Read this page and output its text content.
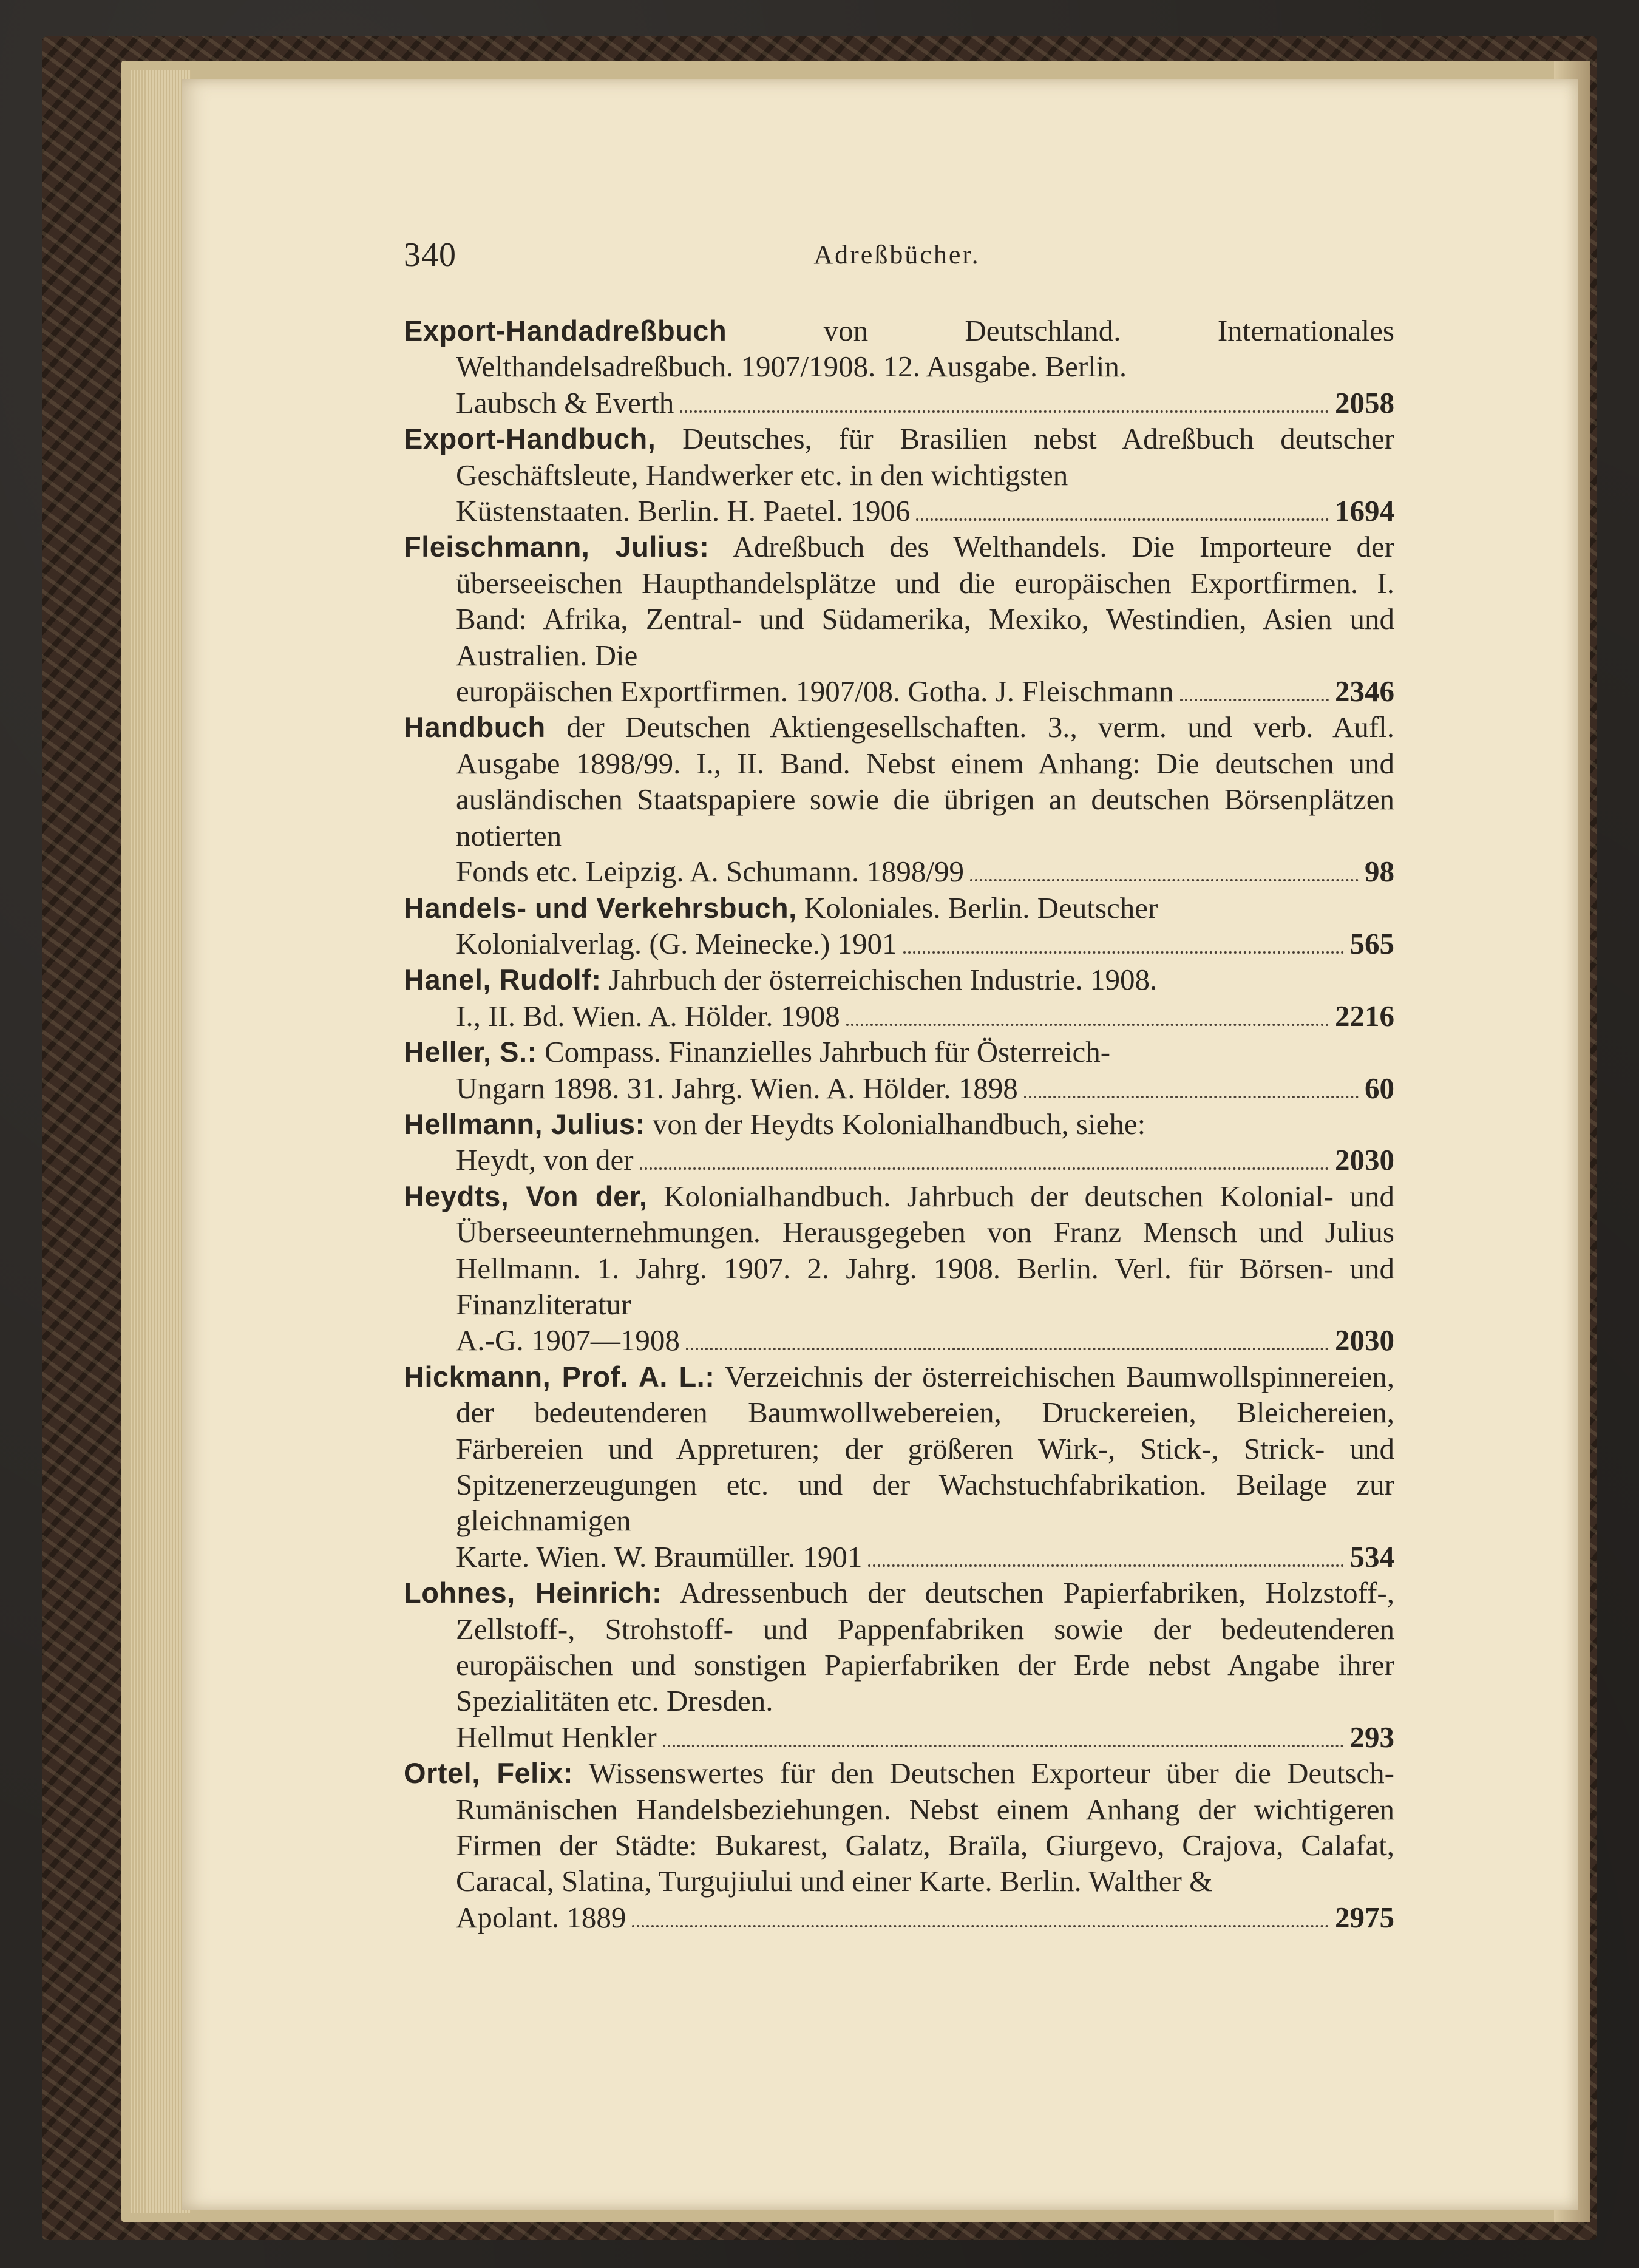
340	Adreßbücher.
Export-Handadreßbuch	von Deutschland. Internationales Welthandelsadreßbuch. 1907/1908. 12. Ausgabe. Berlin.
Laubsch & Everth	2058
Export-Handbuch, Deutsches, für Brasilien nebst Adreßbuch deutscher Geschäftsleute, Handwerker etc. in den wichtigsten
Küstenstaaten. Berlin. H. Paetel. 1906	1694
Fleischmann, Julius: Adreßbuch des Welthandels. Die Importeure der überseeischen Haupthandelsplätze und die europäischen Exportfirmen. I. Band: Afrika, Zentral- und Südamerika, Mexiko, Westindien, Asien und Australien. Die
europäischen Exportfirmen. 1907/08. Gotha. J. Fleischmann	2346
Handbuch der Deutschen Aktiengesellschaften. 3., verm. und verb. Aufl. Ausgabe 1898/99. I., II. Band. Nebst einem Anhang: Die deutschen und ausländischen Staatspapiere sowie die übrigen an deutschen Börsenplätzen notierten
Fonds etc. Leipzig. A. Schumann. 1898/99	98
Handels- und Verkehrsbuch, Koloniales. Berlin. Deutscher
Kolonialverlag. (G. Meinecke.) 1901	565
Hanel, Rudolf: Jahrbuch der österreichischen Industrie. 1908.
I., II. Bd. Wien. A. Hölder. 1908	2216
Heller, S.: Compass. Finanzielles Jahrbuch für Österreich-
Ungarn 1898. 31. Jahrg. Wien. A. Hölder. 1898	60
Hellmann, Julius: von der Heydts Kolonialhandbuch, siehe:
Heydt, von der	2030
Heydts, Von der, Kolonialhandbuch. Jahrbuch der deutschen Kolonial- und Überseeunternehmungen. Herausgegeben von Franz Mensch und Julius Hellmann. 1. Jahrg. 1907. 2. Jahrg. 1908. Berlin. Verl. für Börsen- und Finanzliteratur
A.-G. 1907—1908	2030
Hickmann, Prof. A. L.: Verzeichnis der österreichischen Baumwollspinnereien, der bedeutenderen Baumwollwebereien, Druckereien, Bleichereien, Färbereien und Appreturen; der größeren Wirk-, Stick-, Strick- und Spitzenerzeugungen etc. und der Wachstuchfabrikation. Beilage zur gleichnamigen
Karte. Wien. W. Braumüller. 1901	534
Lohnes, Heinrich: Adressenbuch der deutschen Papierfabriken, Holzstoff-, Zellstoff-, Strohstoff- und Pappenfabriken sowie der bedeutenderen europäischen und sonstigen Papierfabriken der Erde nebst Angabe ihrer Spezialitäten etc. Dresden.
Hellmut Henkler	293
Ortel, Felix: Wissenswertes für den Deutschen Exporteur über die Deutsch-Rumänischen Handelsbeziehungen. Nebst einem Anhang der wichtigeren Firmen der Städte: Bukarest, Galatz, Braïla, Giurgevo, Crajova, Calafat, Caracal, Slatina, Turgujiului und einer Karte. Berlin. Walther &
Apolant. 1889	2975
